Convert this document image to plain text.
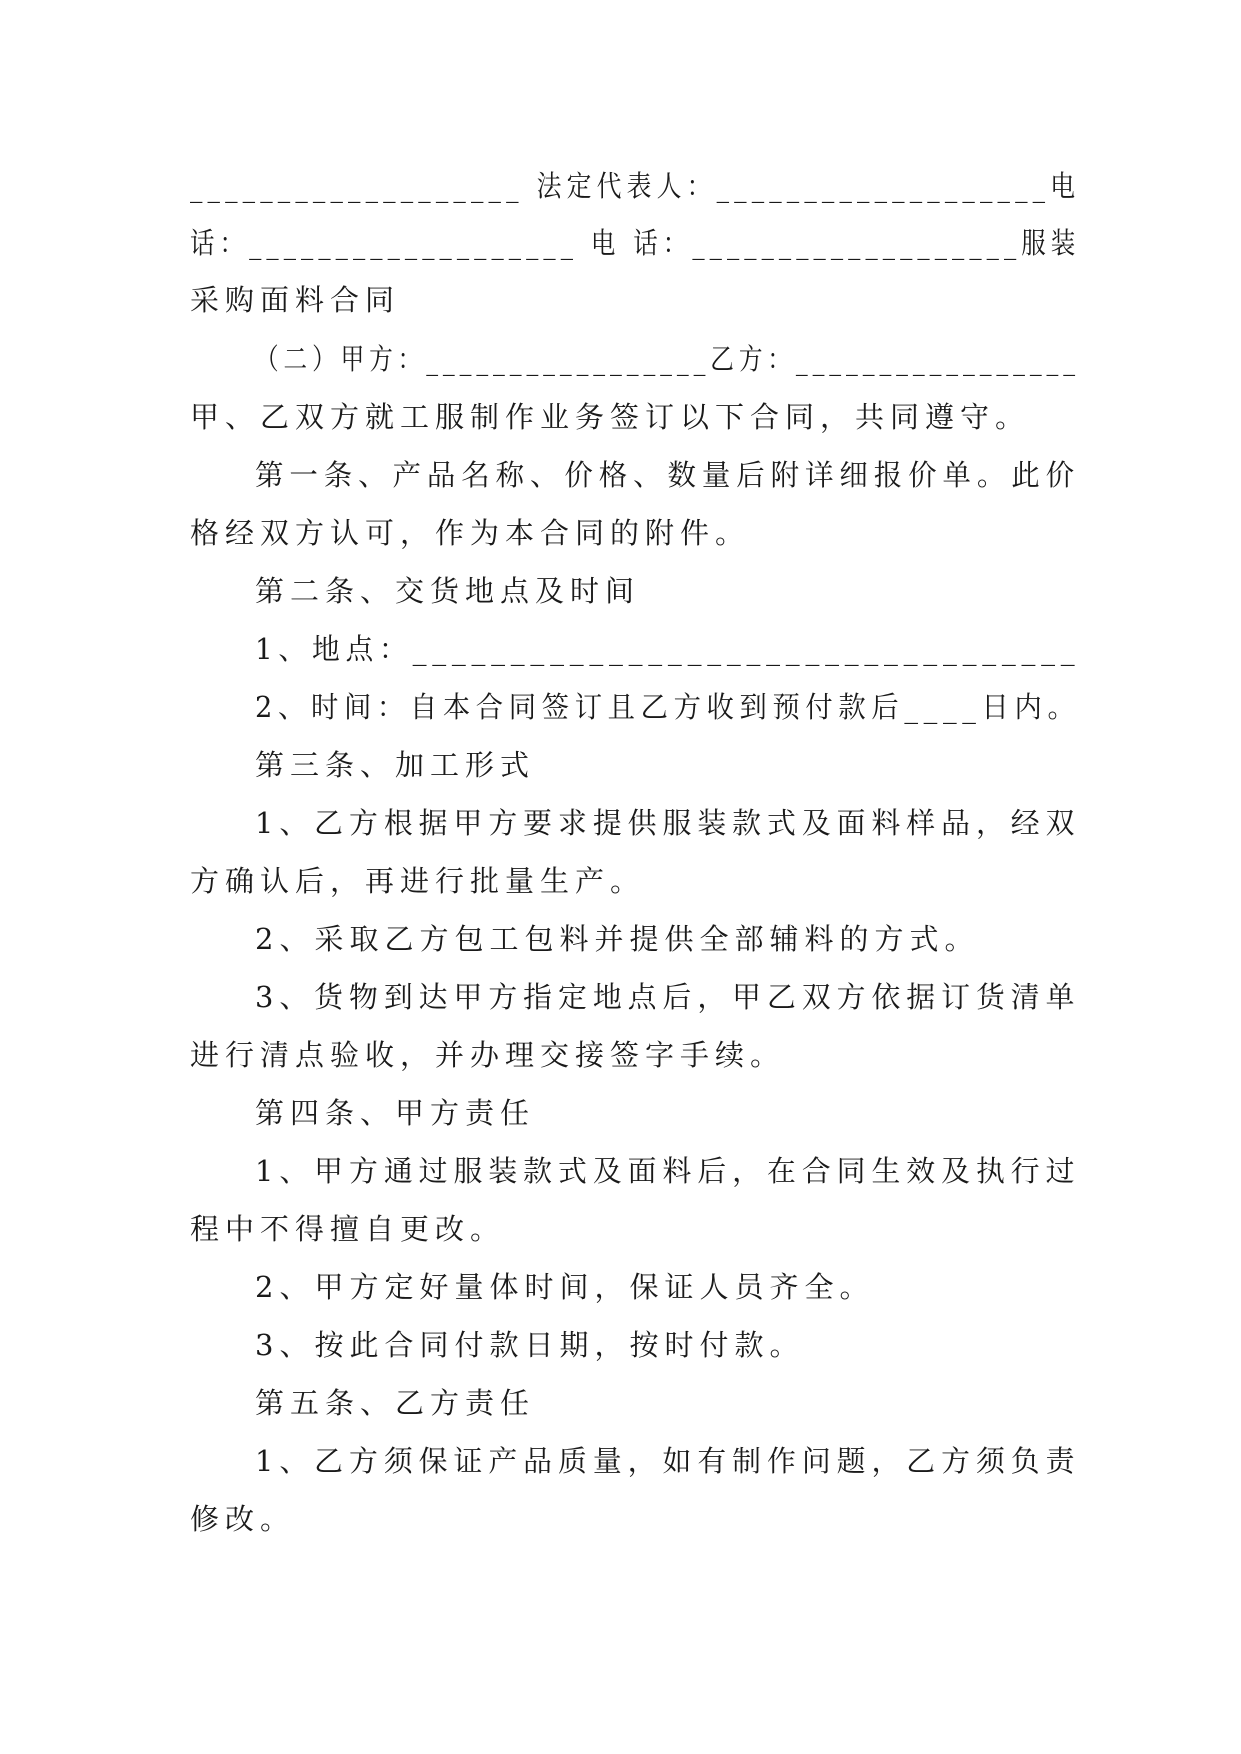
___________________ 法定代表人：___________________电
话：___________________ 电 话：___________________服装
采购面料合同
（二）甲方：_________________乙方：_________________
甲、乙双方就工服制作业务签订以下合同，共同遵守。
第一条、产品名称、价格、数量后附详细报价单。此价
格经双方认可，作为本合同的附件。
第二条、交货地点及时间
1、地点：__________________________________
2、时间：自本合同签订且乙方收到预付款后____日内。
第三条、加工形式
1、乙方根据甲方要求提供服装款式及面料样品，经双
方确认后，再进行批量生产。
2、采取乙方包工包料并提供全部辅料的方式。
3、货物到达甲方指定地点后，甲乙双方依据订货清单
进行清点验收，并办理交接签字手续。
第四条、甲方责任
1、甲方通过服装款式及面料后，在合同生效及执行过
程中不得擅自更改。
2、甲方定好量体时间，保证人员齐全。
3、按此合同付款日期，按时付款。
第五条、乙方责任
1、乙方须保证产品质量，如有制作问题，乙方须负责
修改。
